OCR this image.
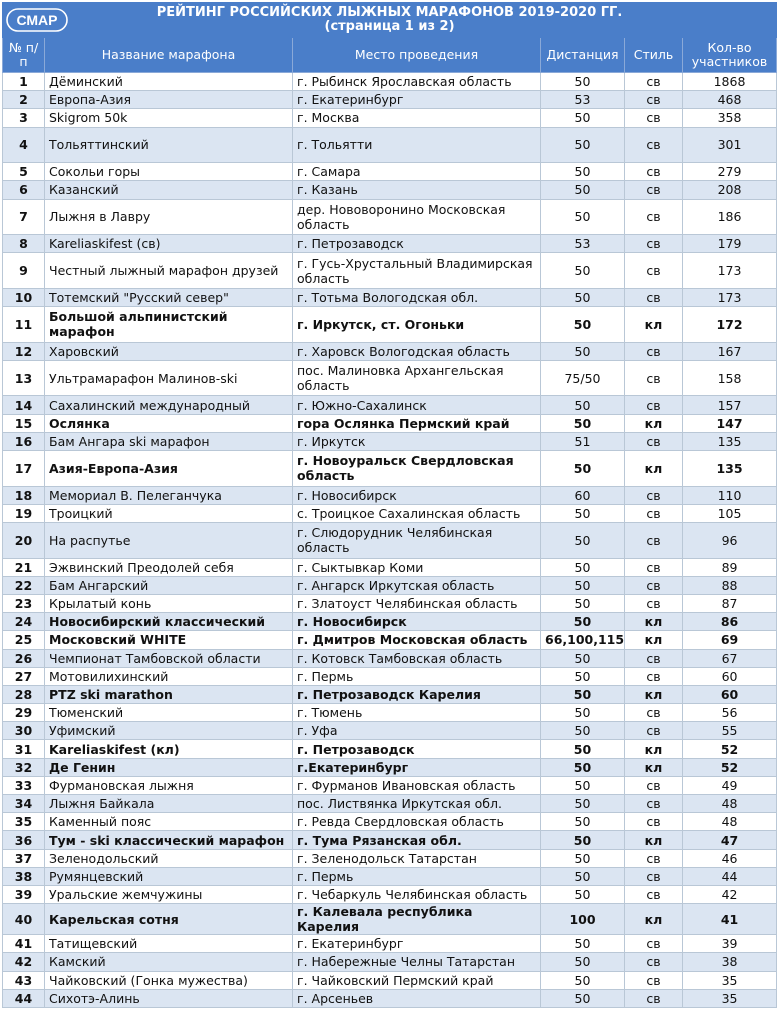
СМАР	РЕЙТИНГ РОССИЙСКИХ ЛЫЖНЫХ МАРАФОНОВ 2019-2020 ГГ.
(страница 1 из 2)					

№ п/п	Название марафона	Место проведения	Дистанция	Стиль	Кол-во участников
1	Дёминский	г. Рыбинск Ярославская область	50	св	1868
2	Европа-Азия	г. Екатеринбург	53	св	468
3	Skigrom 50k	г. Москва	50	св	358
4	Тольяттинский	г. Тольятти	50	св	301
5	Сокольи горы	г. Самара	50	св	279
6	Казанский	г. Казань	50	св	208
7	Лыжня в Лавру	дер. Нововоронино Московская область	50	св	186
8	Kareliaskifest (св)	г. Петрозаводск	53	св	179
9	Честный лыжный марафон друзей	г. Гусь-Хрустальный Владимирская область	50	св	173
10	Тотемский "Русский север"	г. Тотьма Вологодская обл.	50	св	173
11	Большой альпинистский марафон	г. Иркутск, ст. Огоньки	50	кл	172
12	Харовский	г. Харовск Вологодская область	50	св	167
13	Ультрамарафон Малинов-ski	пос. Малиновка Архангельская область	75/50	св	158
14	Сахалинский международный	г. Южно-Сахалинск	50	св	157
15	Ослянка	гора Ослянка Пермский край	50	кл	147
16	Бам Ангара ski марафон	г. Иркутск	51	св	135
17	Азия-Европа-Азия	г. Новоуральск Свердловская область	50	кл	135
18	Мемориал В. Пелеганчука	г. Новосибирск	60	св	110
19	Троицкий	с. Троицкое Сахалинская область	50	св	105
20	На распутье	г. Слюдорудник Челябинская область	50	св	96
21	Эжвинский Преодолей себя	г. Сыктывкар Коми	50	св	89
22	Бам Ангарский	г. Ангарск Иркутская область	50	св	88
23	Крылатый конь	г. Златоуст Челябинская область	50	св	87
24	Новосибирский классический	г. Новосибирск	50	кл	86
25	Московский WHITE	г. Дмитров Московская область	66,100,115	кл	69
26	Чемпионат Тамбовской области	г. Котовск Тамбовская область	50	св	67
27	Мотовилихинский	г. Пермь	50	св	60
28	PTZ ski marathon	г. Петрозаводск Карелия	50	кл	60
29	Тюменский	г. Тюмень	50	св	56
30	Уфимский	г. Уфа	50	св	55
31	Kareliaskifest (кл)	г. Петрозаводск	50	кл	52
32	Де Генин	г.Екатеринбург	50	кл	52
33	Фурмановская лыжня	г. Фурманов Ивановская область	50	св	49
34	Лыжня Байкала	пос. Листвянка Иркутская обл.	50	св	48
35	Каменный пояс	г. Ревда Свердловская область	50	св	48
36	Тум - ski классический марафон	г. Тума Рязанская обл.	50	кл	47
37	Зеленодольский	г. Зеленодольск Татарстан	50	св	46
38	Румянцевский	г. Пермь	50	св	44
39	Уральские жемчужины	г. Чебаркуль Челябинская область	50	св	42
40	Карельская сотня	г. Калевала республика Карелия	100	кл	41
41	Татищевский	г. Екатеринбург	50	св	39
42	Камский	г. Набережные Челны Татарстан	50	св	38
43	Чайковский (Гонка мужества)	г. Чайковский Пермский край	50	св	35
44	Сихотэ-Алинь	г. Арсеньев	50	св	35
